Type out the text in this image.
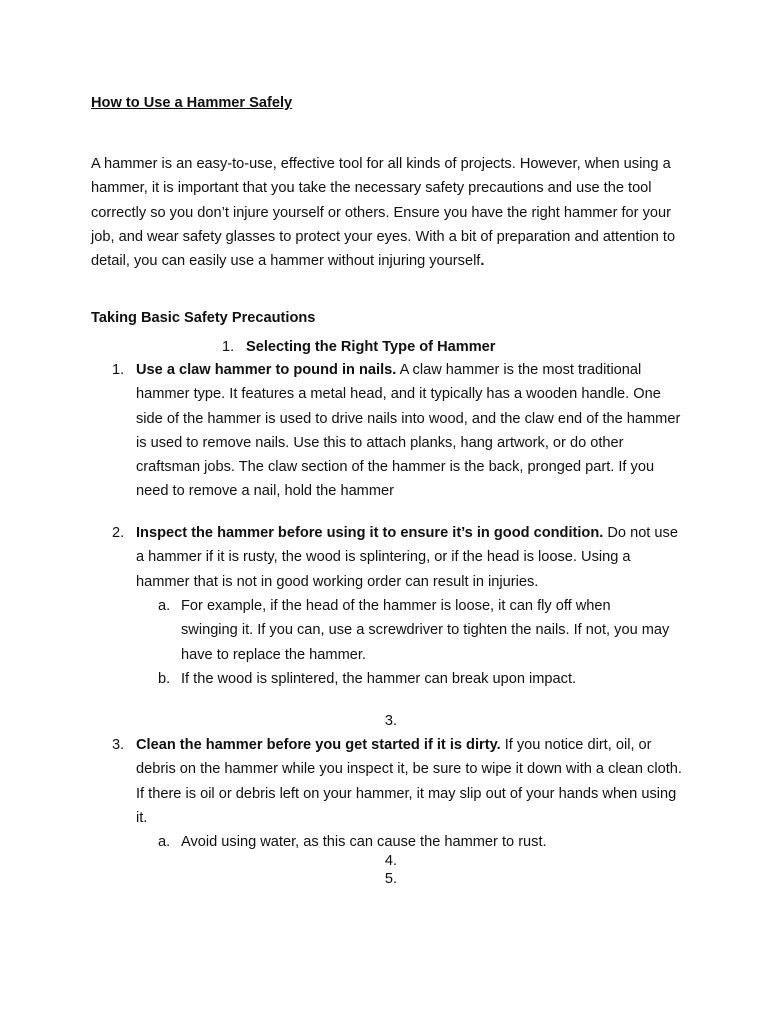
How to Use a Hammer Safely

A hammer is an easy-to-use, effective tool for all kinds of projects. However, when using a hammer, it is important that you take the necessary safety precautions and use the tool correctly so you don’t injure yourself or others. Ensure you have the right hammer for your job, and wear safety glasses to protect your eyes. With a bit of preparation and attention to detail, you can easily use a hammer without injuring yourself.

Taking Basic Safety Precautions
1. Selecting the Right Type of Hammer

1. Use a claw hammer to pound in nails. A claw hammer is the most traditional hammer type. It features a metal head, and it typically has a wooden handle. One side of the hammer is used to drive nails into wood, and the claw end of the hammer is used to remove nails. Use this to attach planks, hang artwork, or do other craftsman jobs. The claw section of the hammer is the back, pronged part. If you need to remove a nail, hold the hammer

2. Inspect the hammer before using it to ensure it’s in good condition. Do not use a hammer if it is rusty, the wood is splintering, or if the head is loose. Using a hammer that is not in good working order can result in injuries.

a. For example, if the head of the hammer is loose, it can fly off when swinging it. If you can, use a screwdriver to tighten the nails. If not, you may have to replace the hammer.

b. If the wood is splintered, the hammer can break upon impact.

3.

3. Clean the hammer before you get started if it is dirty. If you notice dirt, oil, or debris on the hammer while you inspect it, be sure to wipe it down with a clean cloth. If there is oil or debris left on your hammer, it may slip out of your hands when using it.

a. Avoid using water, as this can cause the hammer to rust.

4.
5.
